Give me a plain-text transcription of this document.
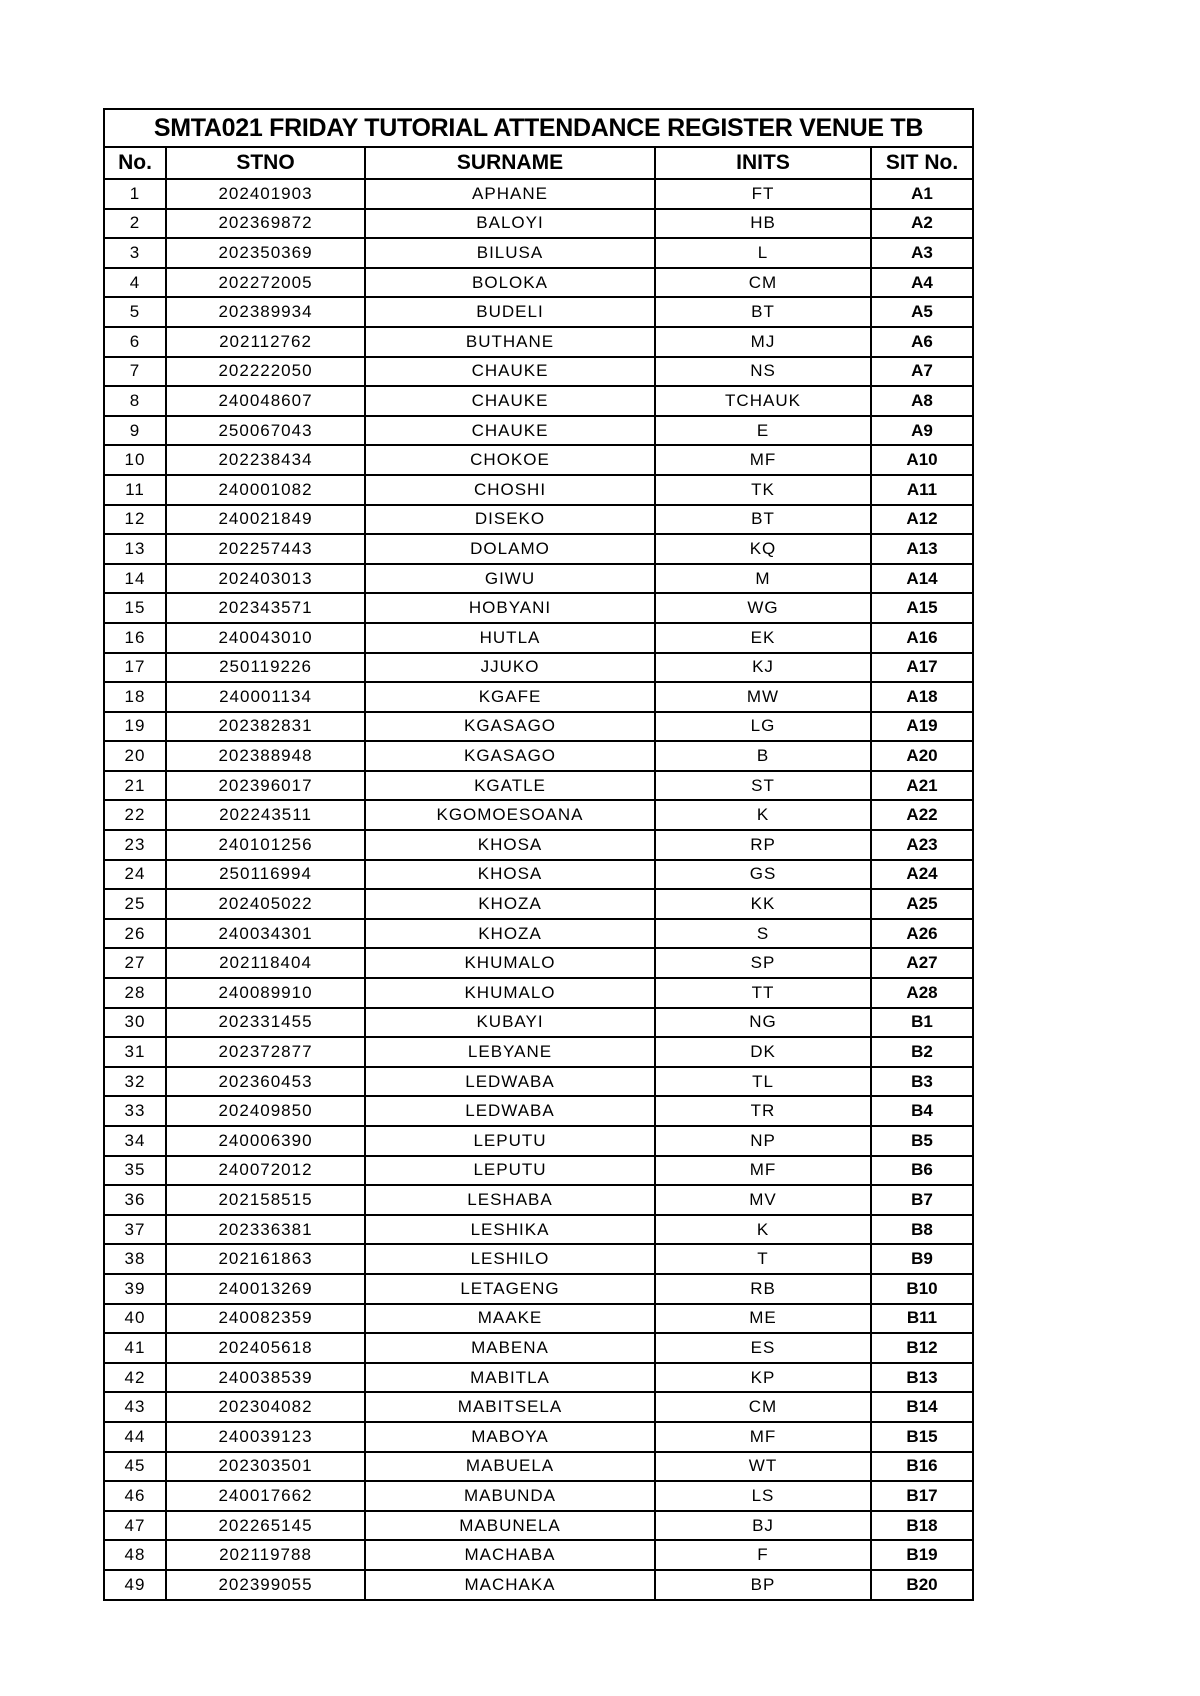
SMTA021 FRIDAY TUTORIAL ATTENDANCE REGISTER VENUE TB				
No.	STNO	SURNAME	INITS	SIT No.
1	202401903	APHANE	FT	A1
2	202369872	BALOYI	HB	A2
3	202350369	BILUSA	L	A3
4	202272005	BOLOKA	CM	A4
5	202389934	BUDELI	BT	A5
6	202112762	BUTHANE	MJ	A6
7	202222050	CHAUKE	NS	A7
8	240048607	CHAUKE	TCHAUK	A8
9	250067043	CHAUKE	E	A9
10	202238434	CHOKOE	MF	A10
11	240001082	CHOSHI	TK	A11
12	240021849	DISEKO	BT	A12
13	202257443	DOLAMO	KQ	A13
14	202403013	GIWU	M	A14
15	202343571	HOBYANI	WG	A15
16	240043010	HUTLA	EK	A16
17	250119226	JJUKO	KJ	A17
18	240001134	KGAFE	MW	A18
19	202382831	KGASAGO	LG	A19
20	202388948	KGASAGO	B	A20
21	202396017	KGATLE	ST	A21
22	202243511	KGOMOESOANA	K	A22
23	240101256	KHOSA	RP	A23
24	250116994	KHOSA	GS	A24
25	202405022	KHOZA	KK	A25
26	240034301	KHOZA	S	A26
27	202118404	KHUMALO	SP	A27
28	240089910	KHUMALO	TT	A28
30	202331455	KUBAYI	NG	B1
31	202372877	LEBYANE	DK	B2
32	202360453	LEDWABA	TL	B3
33	202409850	LEDWABA	TR	B4
34	240006390	LEPUTU	NP	B5
35	240072012	LEPUTU	MF	B6
36	202158515	LESHABA	MV	B7
37	202336381	LESHIKA	K	B8
38	202161863	LESHILO	T	B9
39	240013269	LETAGENG	RB	B10
40	240082359	MAAKE	ME	B11
41	202405618	MABENA	ES	B12
42	240038539	MABITLA	KP	B13
43	202304082	MABITSELA	CM	B14
44	240039123	MABOYA	MF	B15
45	202303501	MABUELA	WT	B16
46	240017662	MABUNDA	LS	B17
47	202265145	MABUNELA	BJ	B18
48	202119788	MACHABA	F	B19
49	202399055	MACHAKA	BP	B20
